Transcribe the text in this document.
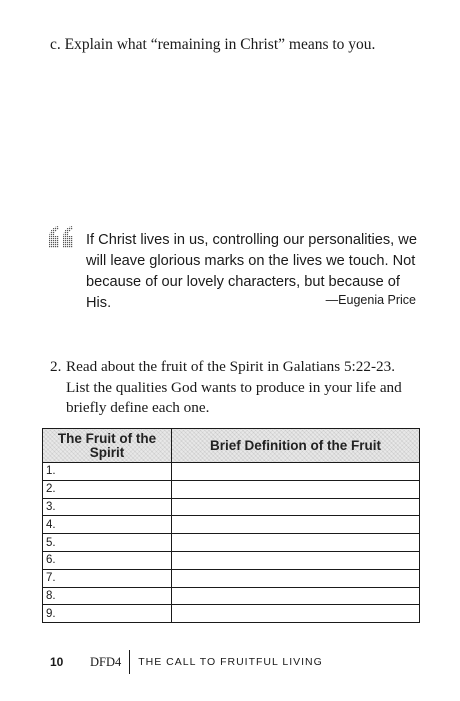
c. Explain what “remaining in Christ” means to you.
If Christ lives in us, controlling our personalities, we will leave glorious marks on the lives we touch. Not because of our lovely characters, but because of His.	—Eugenia Price
2. Read about the fruit of the Spirit in Galatians 5:22-23. List the qualities God wants to produce in your life and briefly define each one.
The Fruit of the Spirit	Brief Definition of the Fruit
1.	
2.	
3.	
4.	
5.	
6.	
7.	
8.	
9.	
10	DFD4 THE CALL TO FRUITFUL LIVING
